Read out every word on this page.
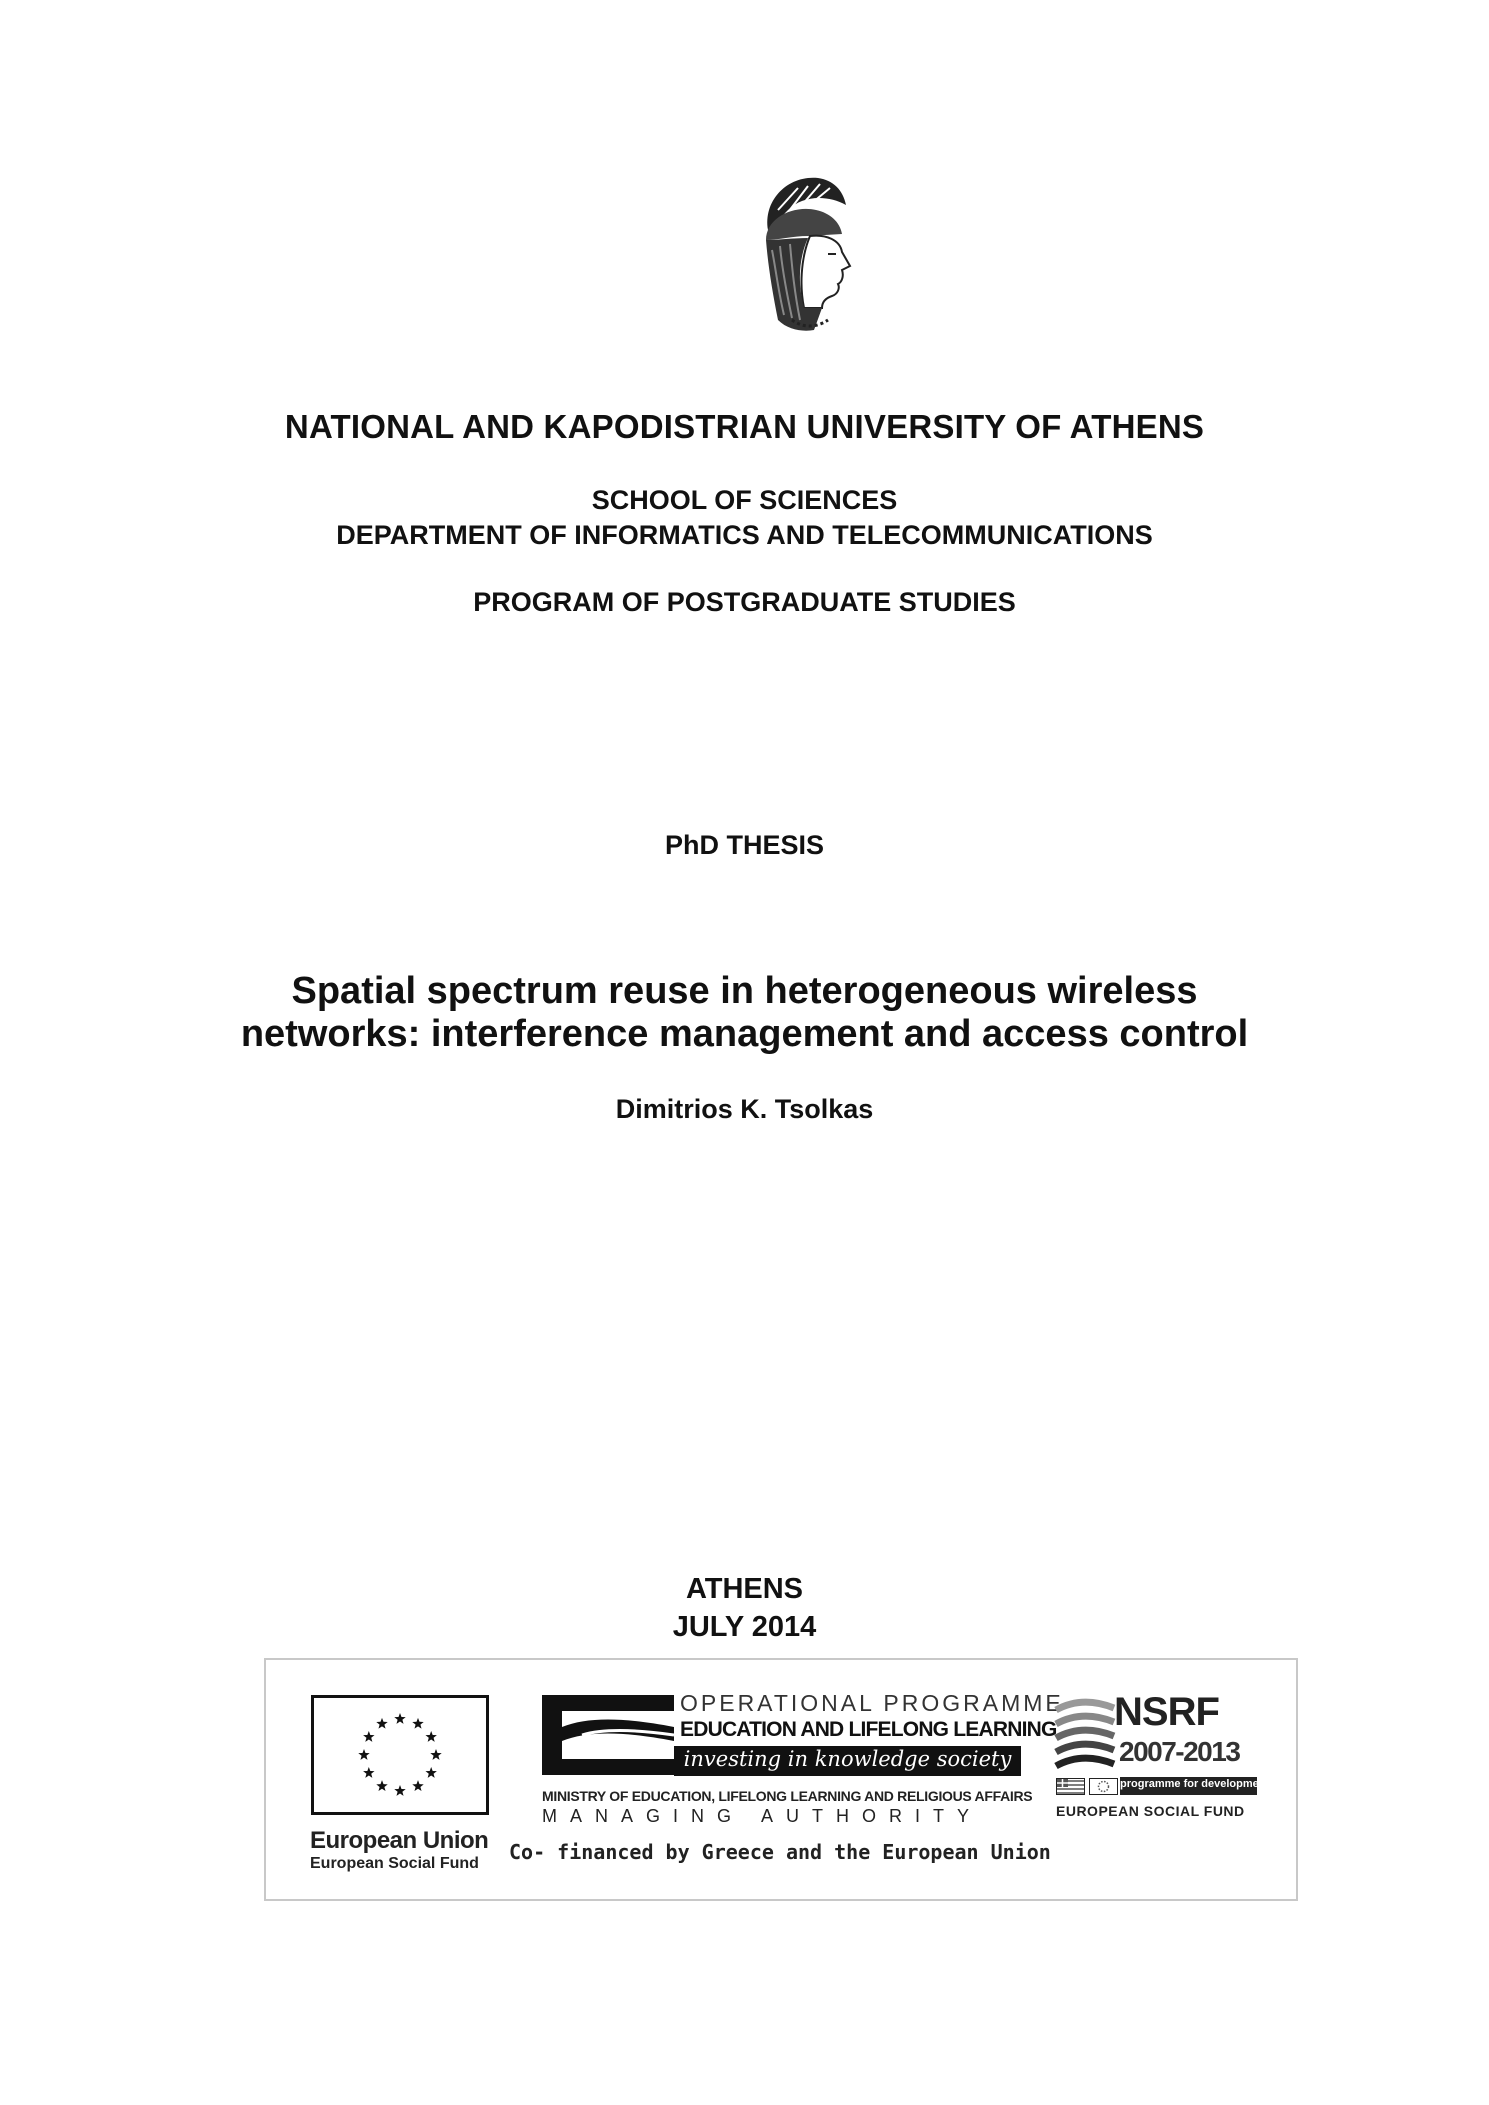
NATIONAL AND KAPODISTRIAN UNIVERSITY OF ATHENS
SCHOOL OF SCIENCES
DEPARTMENT OF INFORMATICS AND TELECOMMUNICATIONS
PROGRAM OF POSTGRADUATE STUDIES
PhD THESIS
Spatial spectrum reuse in heterogeneous wireless
networks: interference management and access control
Dimitrios K. Tsolkas
ATHENS
JULY 2014
European Union
European Social Fund
OPERATIONAL PROGRAMME
EDUCATION AND LIFELONG LEARNING
investing in knowledge society
MINISTRY OF EDUCATION, LIFELONG LEARNING AND RELIGIOUS AFFAIRS
MANAGING AUTHORITY
Co- financed by Greece and the European Union
NSRF
2007-2013
programme for development
EUROPEAN SOCIAL FUND
